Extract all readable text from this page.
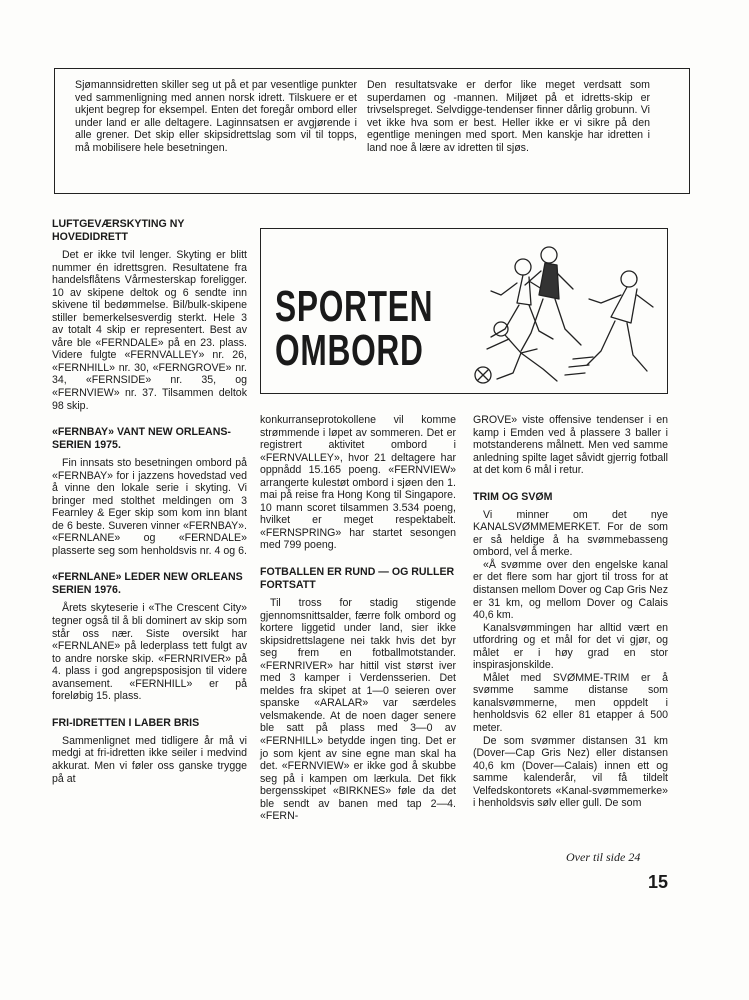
Sjømannsidretten skiller seg ut på et par vesentlige punkter ved sammenligning med annen norsk idrett. Tilskuere er et ukjent begrep for eksempel. Enten det foregår ombord eller under land er alle deltagere. Laginnsatsen er avgjørende i alle grener. Det skip eller skipsidrettslag som vil til topps, må mobilisere hele besetningen.
Den resultatsvake er derfor like meget verdsatt som superdamen og -mannen. Miljøet på et idretts-skip er trivselspreget. Selvdigge-tendenser finner dårlig grobunn. Vi vet ikke hva som er best. Heller ikke er vi sikre på den egentlige meningen med sport. Men kanskje har idretten i land noe å lære av idretten til sjøs.
LUFTGEVÆRSKYTING NY HOVEDIDRETT

Det er ikke tvil lenger. Skyting er blitt nummer én idrettsgren. Resultatene fra handelsflåtens Vårmesterskap foreligger. 10 av skipene deltok og 6 sendte inn skivene til bedømmelse. Bil/bulk-skipene stiller bemerkelsesverdig sterkt. Hele 3 av totalt 4 skip er representert. Best av våre ble «FERNDALE» på en 23. plass. Videre fulgte «FERNVALLEY» nr. 26, «FERNHILL» nr. 30, «FERNGROVE» nr. 34, «FERNSIDE» nr. 35, og «FERNVIEW» nr. 37. Tilsammen deltok 98 skip.

«FERNBAY» VANT NEW ORLEANS-SERIEN 1975.

Fin innsats sto besetningen ombord på «FERNBAY» for i jazzens hovedstad ved å vinne den lokale serie i skyting. Vi bringer med stolthet meldingen om 3 Fearnley & Eger skip som kom inn blant de 6 beste. Suveren vinner «FERNBAY». «FERNLANE» og «FERNDALE» plasserte seg som henholdsvis nr. 4 og 6.

«FERNLANE» LEDER NEW ORLEANS SERIEN 1976.

Årets skyteserie i «The Crescent City» tegner også til å bli dominert av skip som står oss nær. Siste oversikt har «FERNLANE» på lederplass tett fulgt av to andre norske skip. «FERNRIVER» på 4. plass i god angrepsposisjon til videre avansement. «FERNHILL» er på foreløbig 15. plass.

FRI-IDRETTEN I LABER BRIS

Sammenlignet med tidligere år må vi medgi at fri-idretten ikke seiler i medvind akkurat. Men vi føler oss ganske trygge på at

SPORTEN
OMBORD

konkurranseprotokollene vil komme strømmende i løpet av sommeren. Det er registrert aktivitet ombord i «FERNVALLEY», hvor 21 deltagere har oppnådd 15.165 poeng. «FERNVIEW» arrangerte kulestøt ombord i sjøen den 1. mai på reise fra Hong Kong til Singapore. 10 mann scoret tilsammen 3.534 poeng, hvilket er meget respektabelt. «FERNSPRING» har startet sesongen med 799 poeng.

FOTBALLEN ER RUND — OG RULLER FORTSATT

Til tross for stadig stigende gjennomsnittsalder, færre folk ombord og kortere liggetid under land, sier ikke skipsidrettslagene nei takk hvis det byr seg frem en fotballmotstander. «FERNRIVER» har hittil vist størst iver med 3 kamper i Verdensserien. Det meldes fra skipet at 1—0 seieren over spanske «ARALAR» var særdeles velsmakende. At de noen dager senere ble satt på plass med 3—0 av «FERNHILL» betydde ingen ting. Det er jo som kjent av sine egne man skal ha det. «FERNVIEW» er ikke god å skubbe seg på i kampen om lærkula. Det fikk bergensskipet «BIRKNES» føle da det ble sendt av banen med tap 2—4. «FERN-

GROVE» viste offensive tendenser i en kamp i Emden ved å plassere 3 baller i motstanderens målnett. Men ved samme anledning spilte laget såvidt gjerrig fotball at det kom 6 mål i retur.

TRIM OG SVØM

Vi minner om det nye KANALSVØMMEMERKET. For de som er så heldige å ha svømmebasseng ombord, vel å merke.

«Å svømme over den engelske kanal er det flere som har gjort til tross for at distansen mellom Dover og Cap Gris Nez er 31 km, og mellom Dover og Calais 40,6 km.

Kanalsvømmingen har alltid vært en utfordring og et mål for det vi gjør, og målet er i høy grad en stor inspirasjonskilde.

Målet med SVØMME-TRIM er å svømme samme distanse som kanalsvømmerne, men oppdelt i henholdsvis 62 eller 81 etapper á 500 meter.

De som svømmer distansen 31 km (Dover—Cap Gris Nez) eller distansen 40,6 km (Dover—Calais) innen ett og samme kalenderår, vil få tildelt Velfedskontorets «Kanal-svømmemerke» i henholdsvis sølv eller gull. De som

Over til side 24
15
